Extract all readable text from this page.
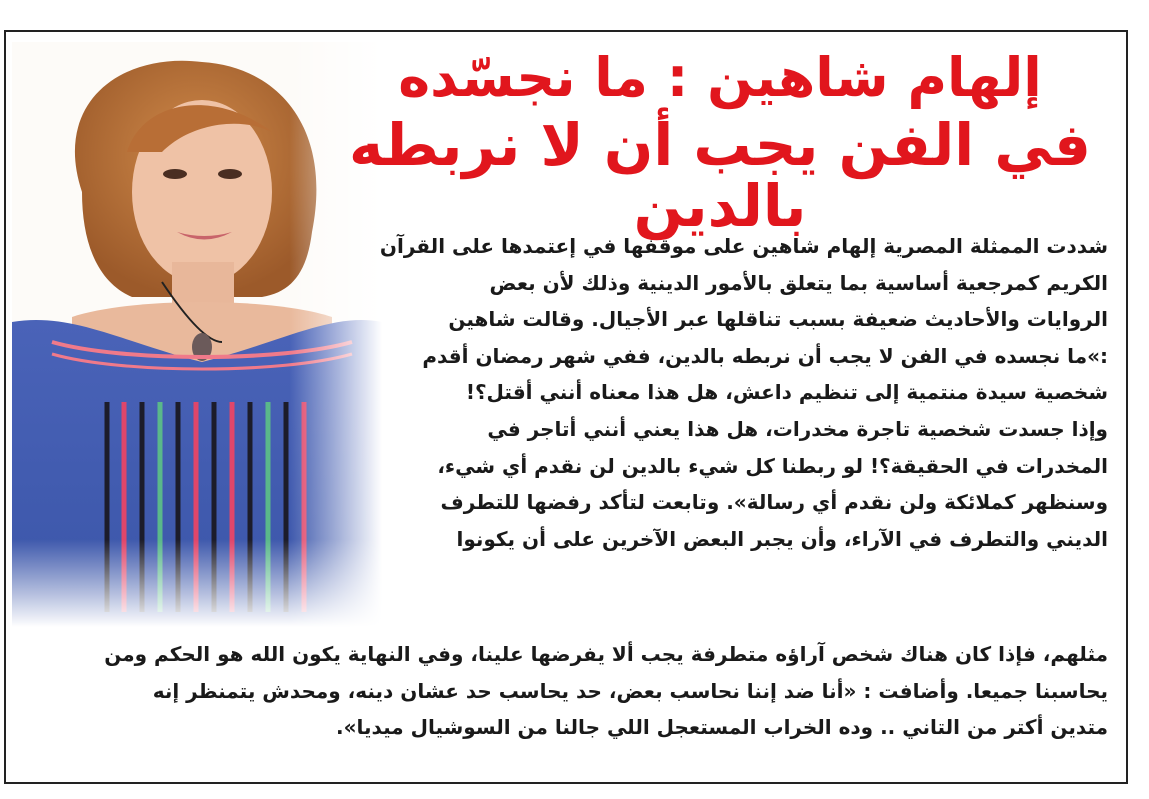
إلهام شاهين : ما نجسّده
في الفن يجب أن لا نربطه بالدين
شددت الممثلة المصرية إلهام شاهين على موقفها في إعتمدها على القرآن
الكريم كمرجعية أساسية بما يتعلق بالأمور الدينية وذلك لأن بعض
الروايات والأحاديث ضعيفة بسبب تناقلها عبر الأجيال. وقالت شاهين
:»ما نجسده في الفن لا يجب أن نربطه بالدين، ففي شهر رمضان أقدم
شخصية سيدة منتمية إلى تنظيم داعش، هل هذا معناه أنني أقتل؟!
وإذا جسدت شخصية تاجرة مخدرات، هل هذا يعني أنني أتاجر في
المخدرات في الحقيقة؟! لو ربطنا كل شيء بالدين لن نقدم أي شيء،
وسنظهر كملائكة ولن نقدم أي رسالة». وتابعت لتأكد رفضها للتطرف
الديني والتطرف في الآراء، وأن يجبر البعض الآخرين على أن يكونوا
مثلهم، فإذا كان هناك شخص آراؤه متطرفة يجب ألا يفرضها علينا، وفي النهاية يكون الله هو الحكم ومن
يحاسبنا جميعا. وأضافت : «أنا ضد إننا نحاسب بعض، حد يحاسب حد عشان دينه، ومحدش يتمنظر إنه
متدين أكتر من التاني .. وده الخراب المستعجل اللي جالنا من السوشيال ميديا».
